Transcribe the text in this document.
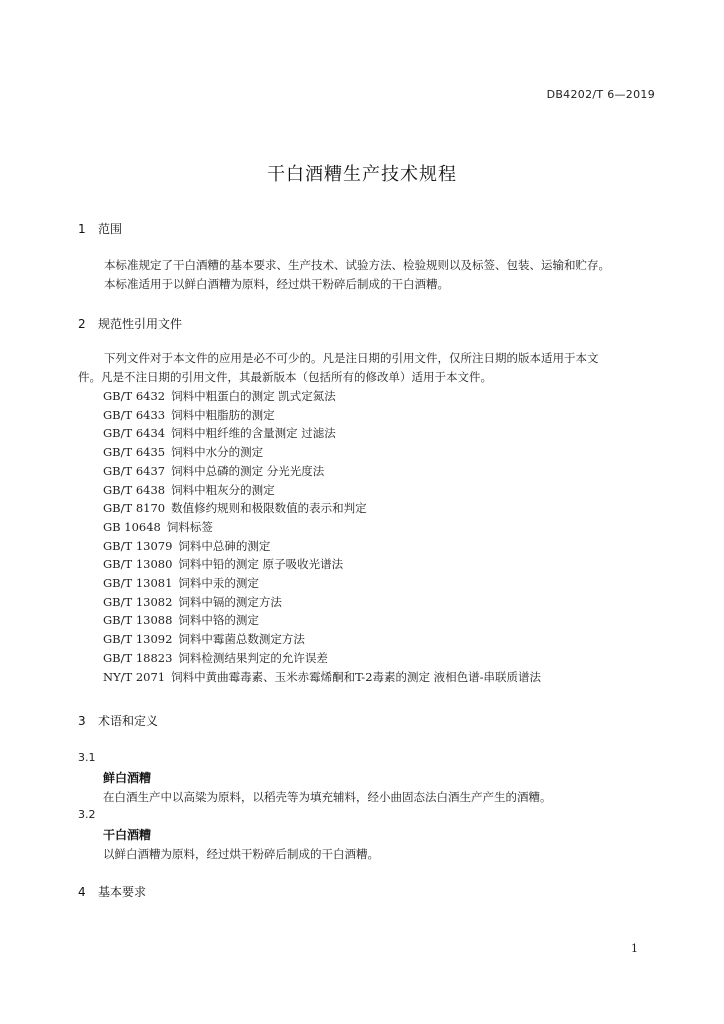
DB4202/T 6—2019
干白酒糟生产技术规程
1 范围
本标准规定了干白酒糟的基本要求、生产技术、试验方法、检验规则以及标签、包装、运输和贮存。
本标准适用于以鲜白酒糟为原料，经过烘干粉碎后制成的干白酒糟。
2 规范性引用文件
下列文件对于本文件的应用是必不可少的。凡是注日期的引用文件，仅所注日期的版本适用于本文
件。凡是不注日期的引用文件，其最新版本（包括所有的修改单）适用于本文件。
GB/T 6432 饲料中粗蛋白的测定 凯式定氮法
GB/T 6433 饲料中粗脂肪的测定
GB/T 6434 饲料中粗纤维的含量测定 过滤法
GB/T 6435 饲料中水分的测定
GB/T 6437 饲料中总磷的测定 分光光度法
GB/T 6438 饲料中粗灰分的测定
GB/T 8170 数值修约规则和极限数值的表示和判定
GB 10648 饲料标签
GB/T 13079 饲料中总砷的测定
GB/T 13080 饲料中铅的测定 原子吸收光谱法
GB/T 13081 饲料中汞的测定
GB/T 13082 饲料中镉的测定方法
GB/T 13088 饲料中铬的测定
GB/T 13092 饲料中霉菌总数测定方法
GB/T 18823 饲料检测结果判定的允许误差
NY/T 2071 饲料中黄曲霉毒素、玉米赤霉烯酮和T-2毒素的测定 液相色谱-串联质谱法
3 术语和定义
3.1
鲜白酒糟
在白酒生产中以高粱为原料，以稻壳等为填充辅料，经小曲固态法白酒生产产生的酒糟。
3.2
干白酒糟
以鲜白酒糟为原料，经过烘干粉碎后制成的干白酒糟。
4 基本要求
1
